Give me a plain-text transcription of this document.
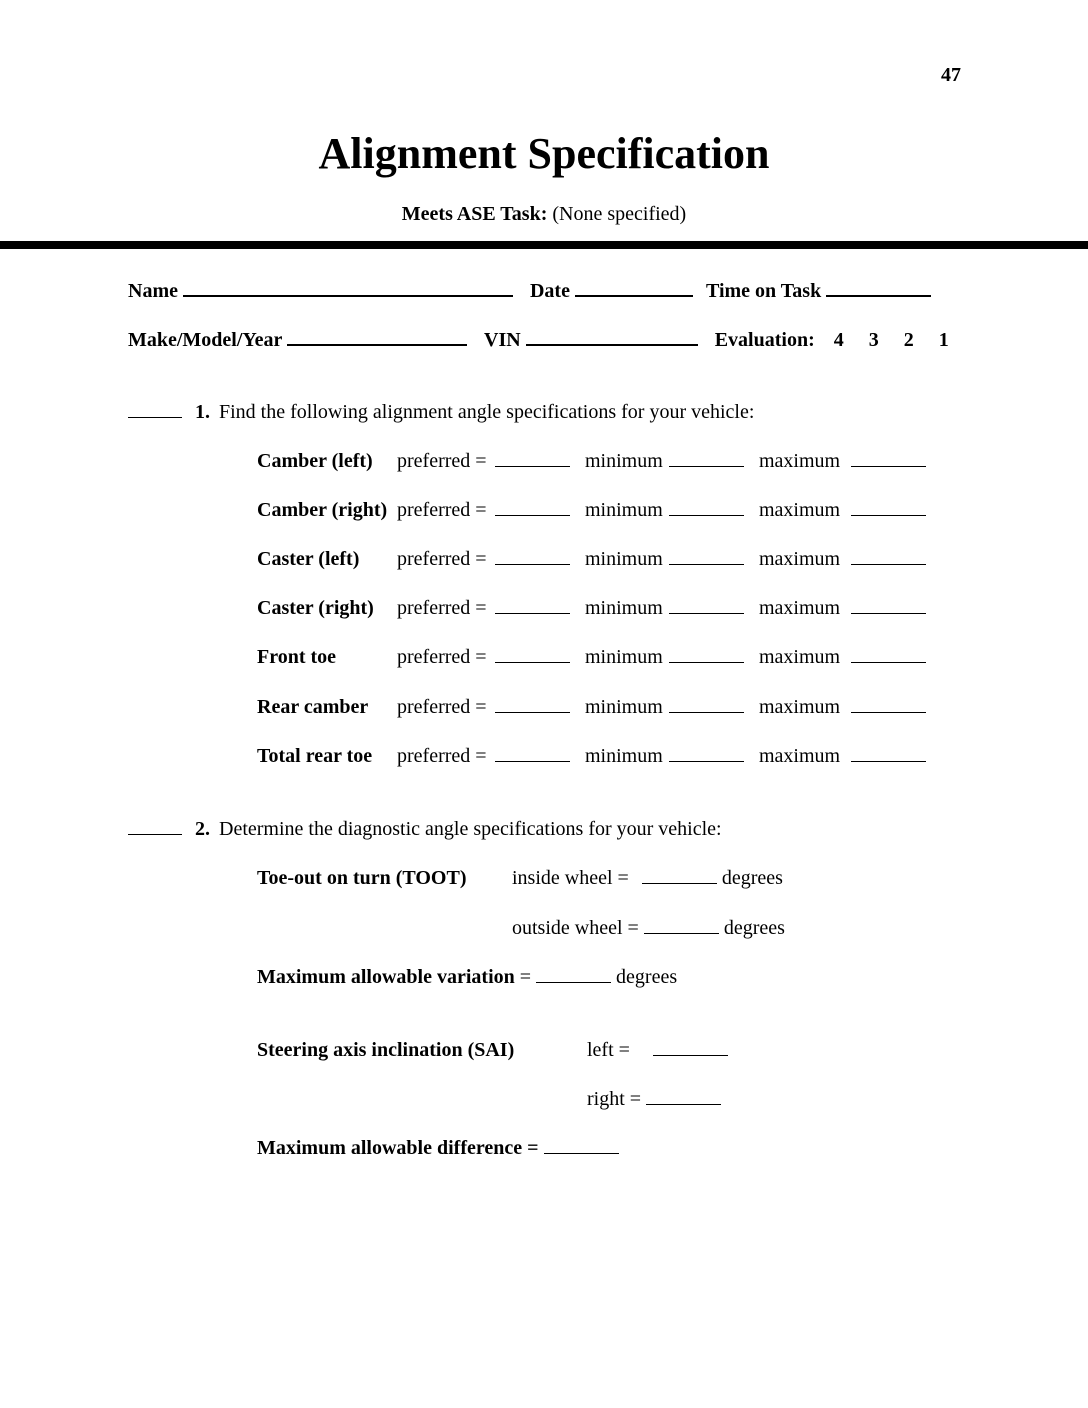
47
Alignment Specification
Meets ASE Task: (None specified)
Name	Date	Time on Task
Make/Model/Year	VIN	Evaluation: 4 3 2 1
1. Find the following alignment angle specifications for your vehicle:
Camber (left)	preferred =	minimum	maximum
Camber (right) preferred =	minimum	maximum
Caster (left)	preferred =	minimum	maximum
Caster (right)	preferred =	minimum	maximum
Front toe	preferred =	minimum	maximum
Rear camber	preferred =	minimum	maximum
Total rear toe	preferred =	minimum	maximum
2. Determine the diagnostic angle specifications for your vehicle:
Toe-out on turn (TOOT) inside wheel =	degrees
outside wheel =	degrees
Maximum allowable variation =	degrees
Steering axis inclination (SAI)	left =
right =
Maximum allowable difference =
